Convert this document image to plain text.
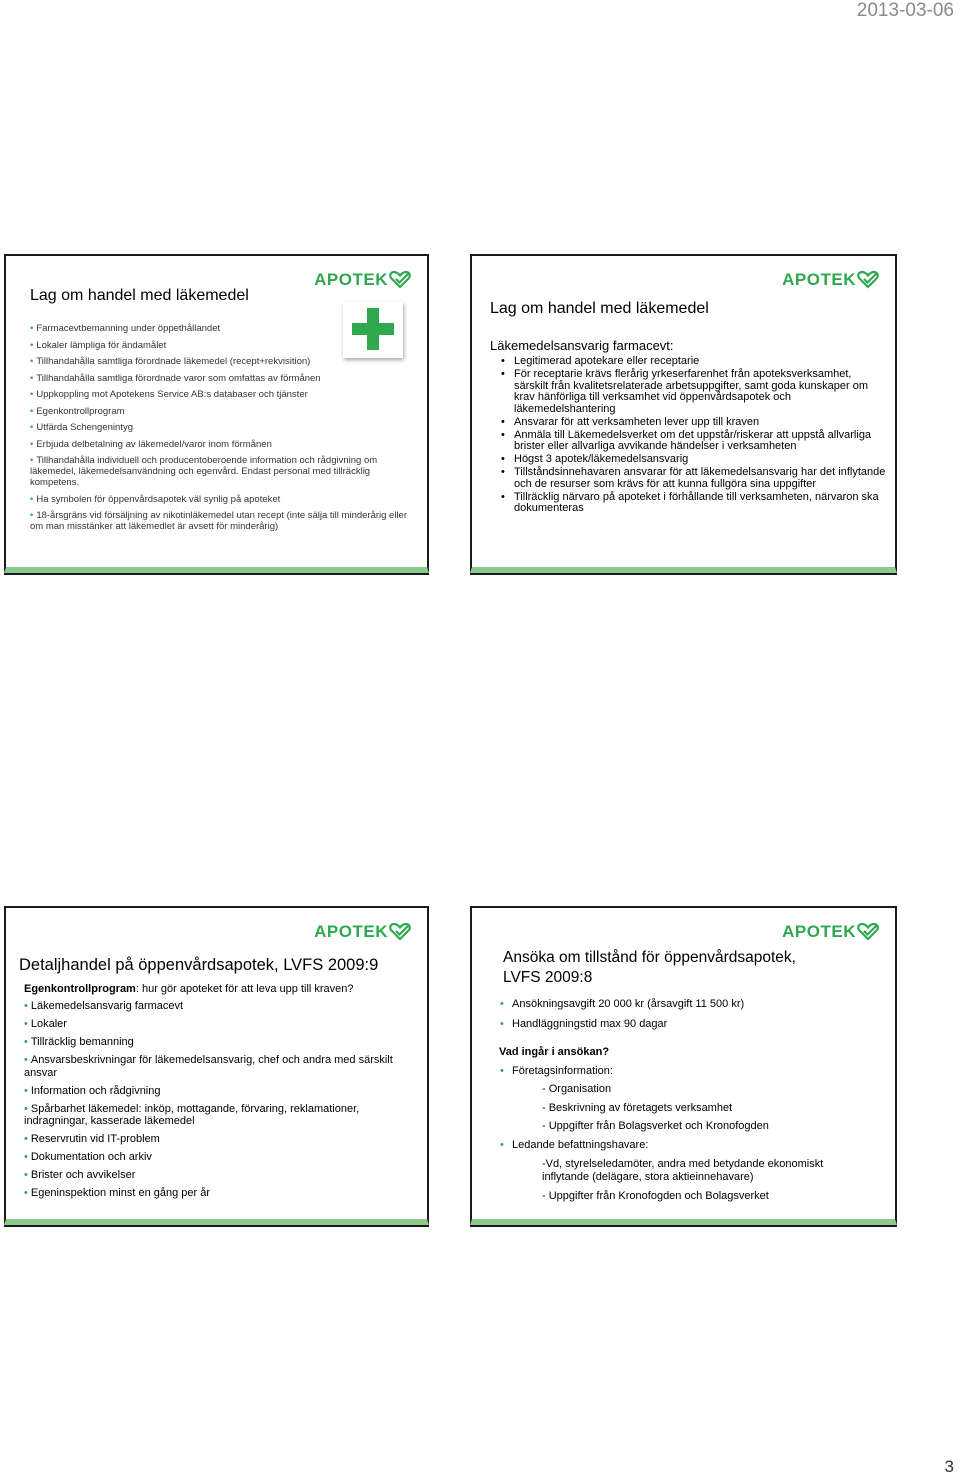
2013-03-06
APOTEK
Lag om handel med läkemedel
• Farmacevtbemanning under öppethållandet
• Lokaler lämpliga för ändamålet
• Tillhandahålla samtliga förordnade läkemedel (recept+rekvisition)
• Tillhandahålla samtliga förordnade varor som omfattas av förmånen
• Uppkoppling mot Apotekens Service AB:s databaser och tjänster
• Egenkontrollprogram
• Utfärda Schengenintyg
• Erbjuda delbetalning av läkemedel/varor inom förmånen
• Tillhandahålla individuell och producentoberoende information och rådgivning om läkemedel, läkemedelsanvändning och egenvård. Endast personal med tillräcklig kompetens.
• Ha symbolen för öppenvårdsapotek väl synlig på apoteket
• 18-årsgräns vid försäljning av nikotinläkemedel utan recept (inte sälja till minderårig eller om man misstänker att läkemedlet är avsett för minderårig)
APOTEK
Lag om handel med läkemedel
Läkemedelsansvarig farmacevt:
• Legitimerad apotekare eller receptarie
• För receptarie krävs flerårig yrkeserfarenhet från apoteksverksamhet, särskilt från kvalitetsrelaterade arbetsuppgifter, samt goda kunskaper om krav hänförliga till verksamhet vid öppenvårdsapotek och läkemedelshantering
• Ansvarar för att verksamheten lever upp till kraven
• Anmäla till Läkemedelsverket om det uppstår/riskerar att uppstå allvarliga brister eller allvarliga avvikande händelser i verksamheten
• Högst 3 apotek/läkemedelsansvarig
• Tillståndsinnehavaren ansvarar för att läkemedelsansvarig har det inflytande och de resurser som krävs för att kunna fullgöra sina uppgifter
• Tillräcklig närvaro på apoteket i förhållande till verksamheten, närvaron ska dokumenteras
APOTEK
Detaljhandel på öppenvårdsapotek, LVFS 2009:9
Egenkontrollprogram: hur gör apoteket för att leva upp till kraven?
• Läkemedelsansvarig farmacevt
• Lokaler
• Tillräcklig bemanning
• Ansvarsbeskrivningar för läkemedelsansvarig, chef och andra med särskilt ansvar
• Information och rådgivning
• Spårbarhet läkemedel: inköp, mottagande, förvaring, reklamationer, indragningar, kasserade läkemedel
• Reservrutin vid IT-problem
• Dokumentation och arkiv
• Brister och avvikelser
• Egeninspektion minst en gång per år
APOTEK
Ansöka om tillstånd för öppenvårdsapotek,
LVFS 2009:8
• Ansökningsavgift 20 000 kr (årsavgift 11 500 kr)
• Handläggningstid max 90 dagar
Vad ingår i ansökan?
• Företagsinformation:
- Organisation
- Beskrivning av företagets verksamhet
- Uppgifter från Bolagsverket och Kronofogden
• Ledande befattningshavare:
-Vd, styrelseledamöter, andra med betydande ekonomiskt inflytande (delägare, stora aktieinnehavare)
- Uppgifter från Kronofogden och Bolagsverket
3
